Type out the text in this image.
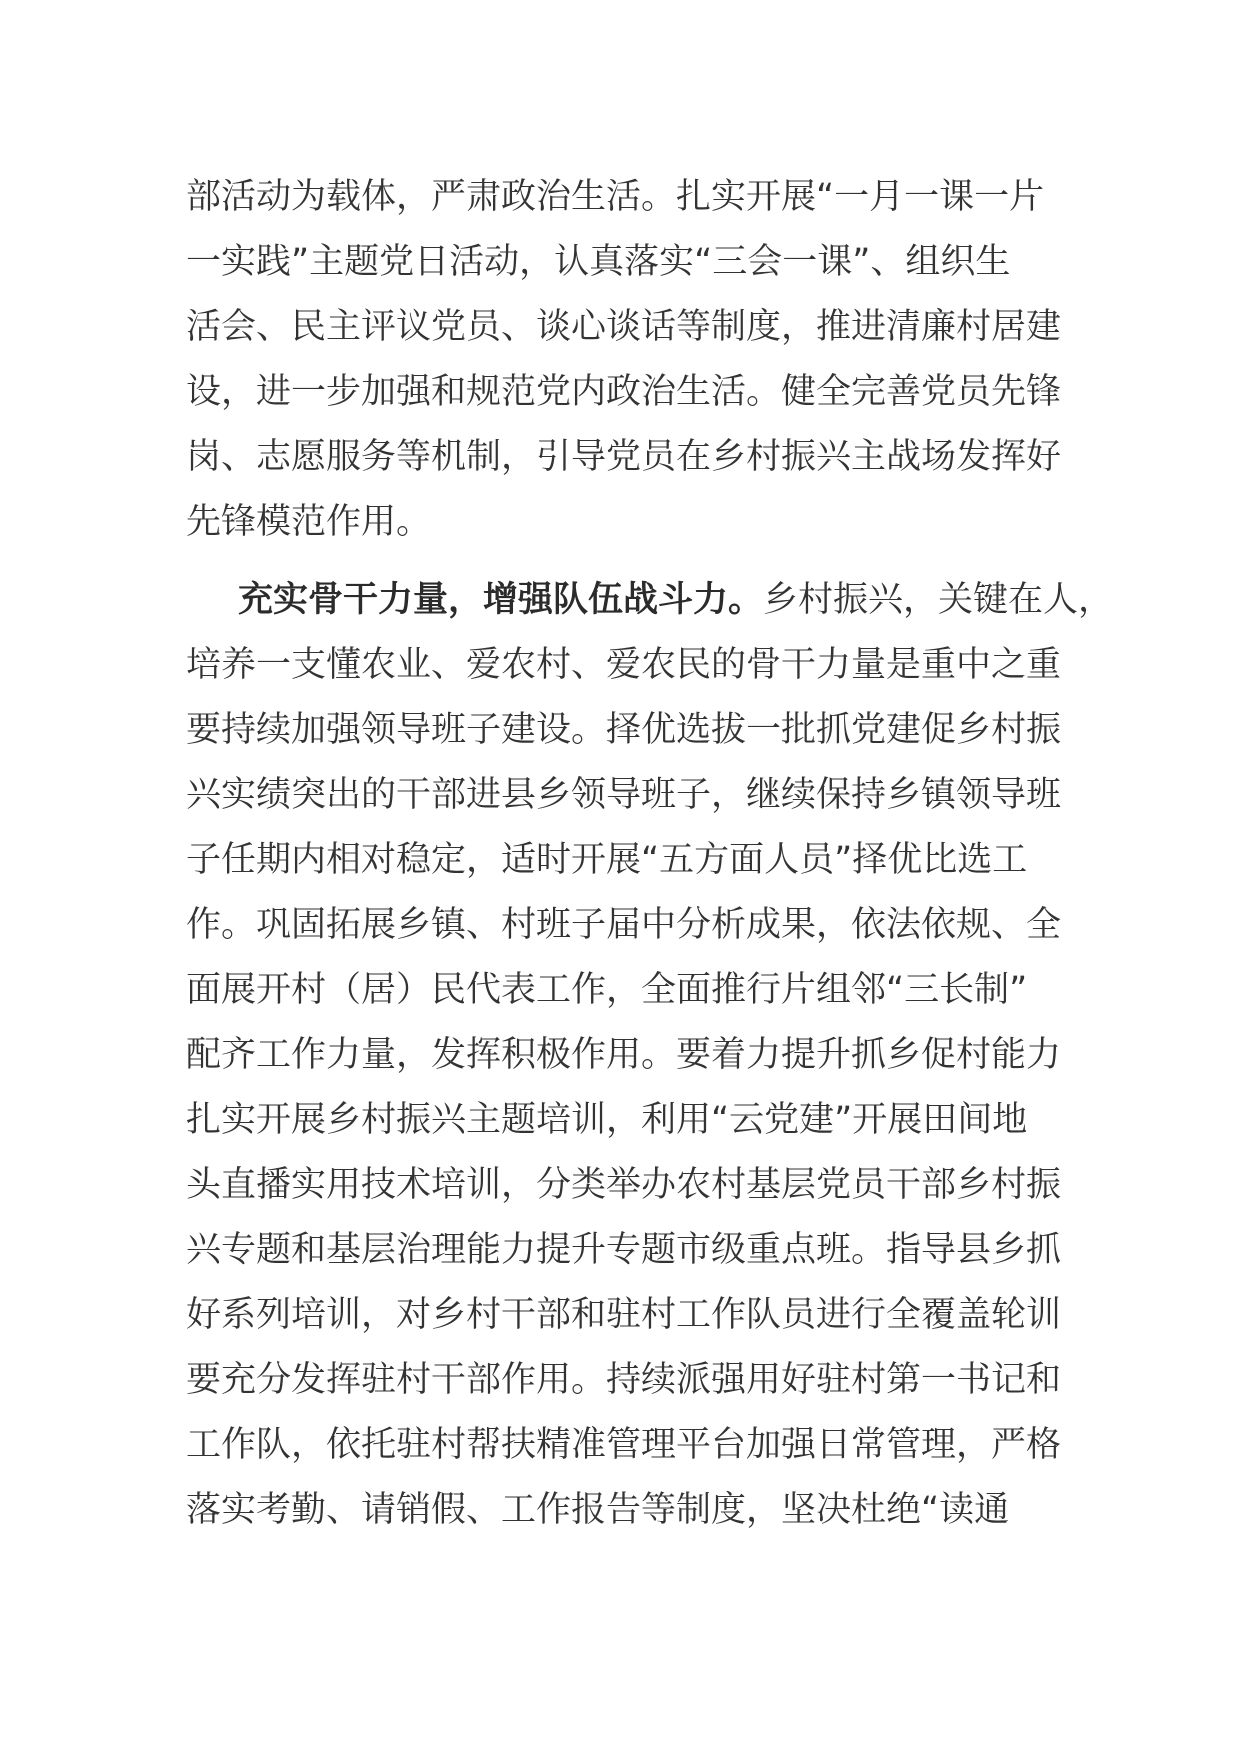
部活动为载体，严肃政治生活。扎实开展“一月一课一片
一实践”主题党日活动，认真落实“三会一课”、组织生
活会、民主评议党员、谈心谈话等制度，推进清廉村居建
设，进一步加强和规范党内政治生活。健全完善党员先锋
岗、志愿服务等机制，引导党员在乡村振兴主战场发挥好
先锋模范作用。
充实骨干力量，增强队伍战斗力。乡村振兴，关键在人，
培养一支懂农业、爱农村、爱农民的骨干力量是重中之重
要持续加强领导班子建设。择优选拔一批抓党建促乡村振
兴实绩突出的干部进县乡领导班子，继续保持乡镇领导班
子任期内相对稳定，适时开展“五方面人员”择优比选工
作。巩固拓展乡镇、村班子届中分析成果，依法依规、全
面展开村（居）民代表工作，全面推行片组邻“三长制”
配齐工作力量，发挥积极作用。要着力提升抓乡促村能力
扎实开展乡村振兴主题培训，利用“云党建”开展田间地
头直播实用技术培训，分类举办农村基层党员干部乡村振
兴专题和基层治理能力提升专题市级重点班。指导县乡抓
好系列培训，对乡村干部和驻村工作队员进行全覆盖轮训
要充分发挥驻村干部作用。持续派强用好驻村第一书记和
工作队，依托驻村帮扶精准管理平台加强日常管理，严格
落实考勤、请销假、工作报告等制度，坚决杜绝“读通
